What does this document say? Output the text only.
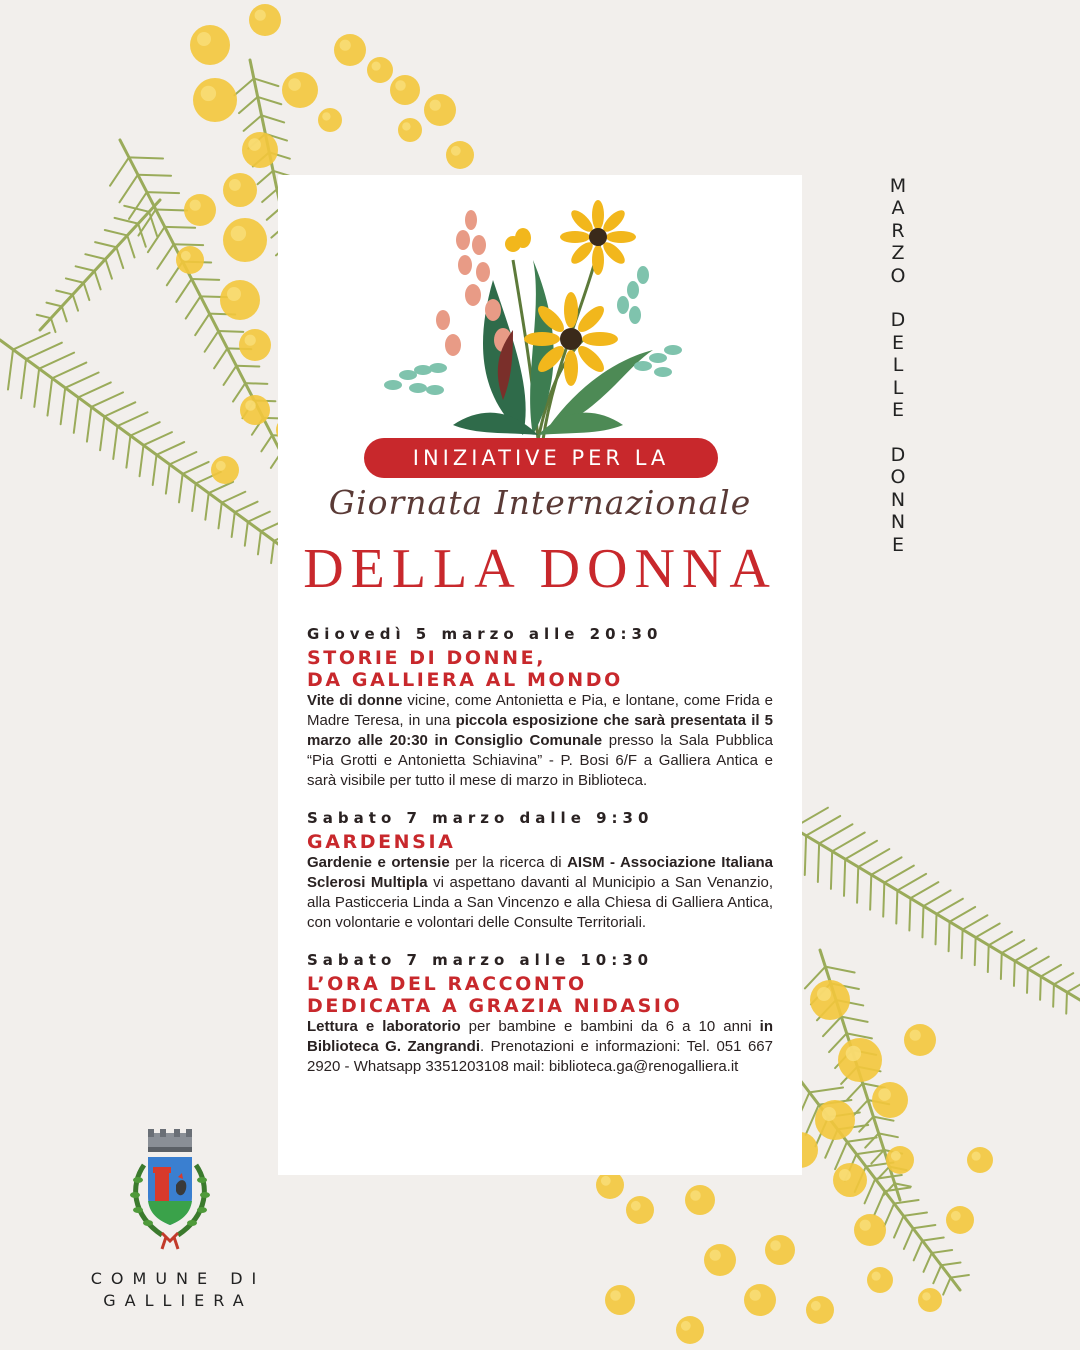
INIZIATIVE PER LA
Giornata Internazionale
DELLA DONNA
Giovedì 5 marzo alle 20:30
STORIE DI DONNE,
DA GALLIERA AL MONDO
Vite di donne vicine, come Antonietta e Pia, e lontane, come Frida e Madre Teresa, in una piccola esposizione che sarà presentata il 5 marzo alle 20:30 in Consiglio Comunale presso la Sala Pubblica “Pia Grotti e Antonietta Schiavina” - P. Bosi 6/F a Galliera Antica e sarà visibile per tutto il mese di marzo in Biblioteca.
Sabato 7 marzo dalle 9:30
GARDENSIA
Gardenie e ortensie per la ricerca di AISM - Associazione Italiana Sclerosi Multipla vi aspettano davanti al Municipio a San Venanzio, alla Pasticceria Linda a San Vincenzo e alla Chiesa di Galliera Antica, con volontarie e volontari delle Consulte Territoriali.
Sabato 7 marzo alle 10:30
L’ORA DEL RACCONTO
DEDICATA A GRAZIA NIDASIO
Lettura e laboratorio per bambine e bambini da 6 a 10 anni in Biblioteca G. Zangrandi. Prenotazioni e informazioni: Tel. 051 667 2920 - Whatsapp 3351203108 mail: biblioteca.ga@renogalliera.it
M
A
R
Z
O

D
E
L
L
E

D
O
N
N
E
COMUNE DI
GALLIERA
